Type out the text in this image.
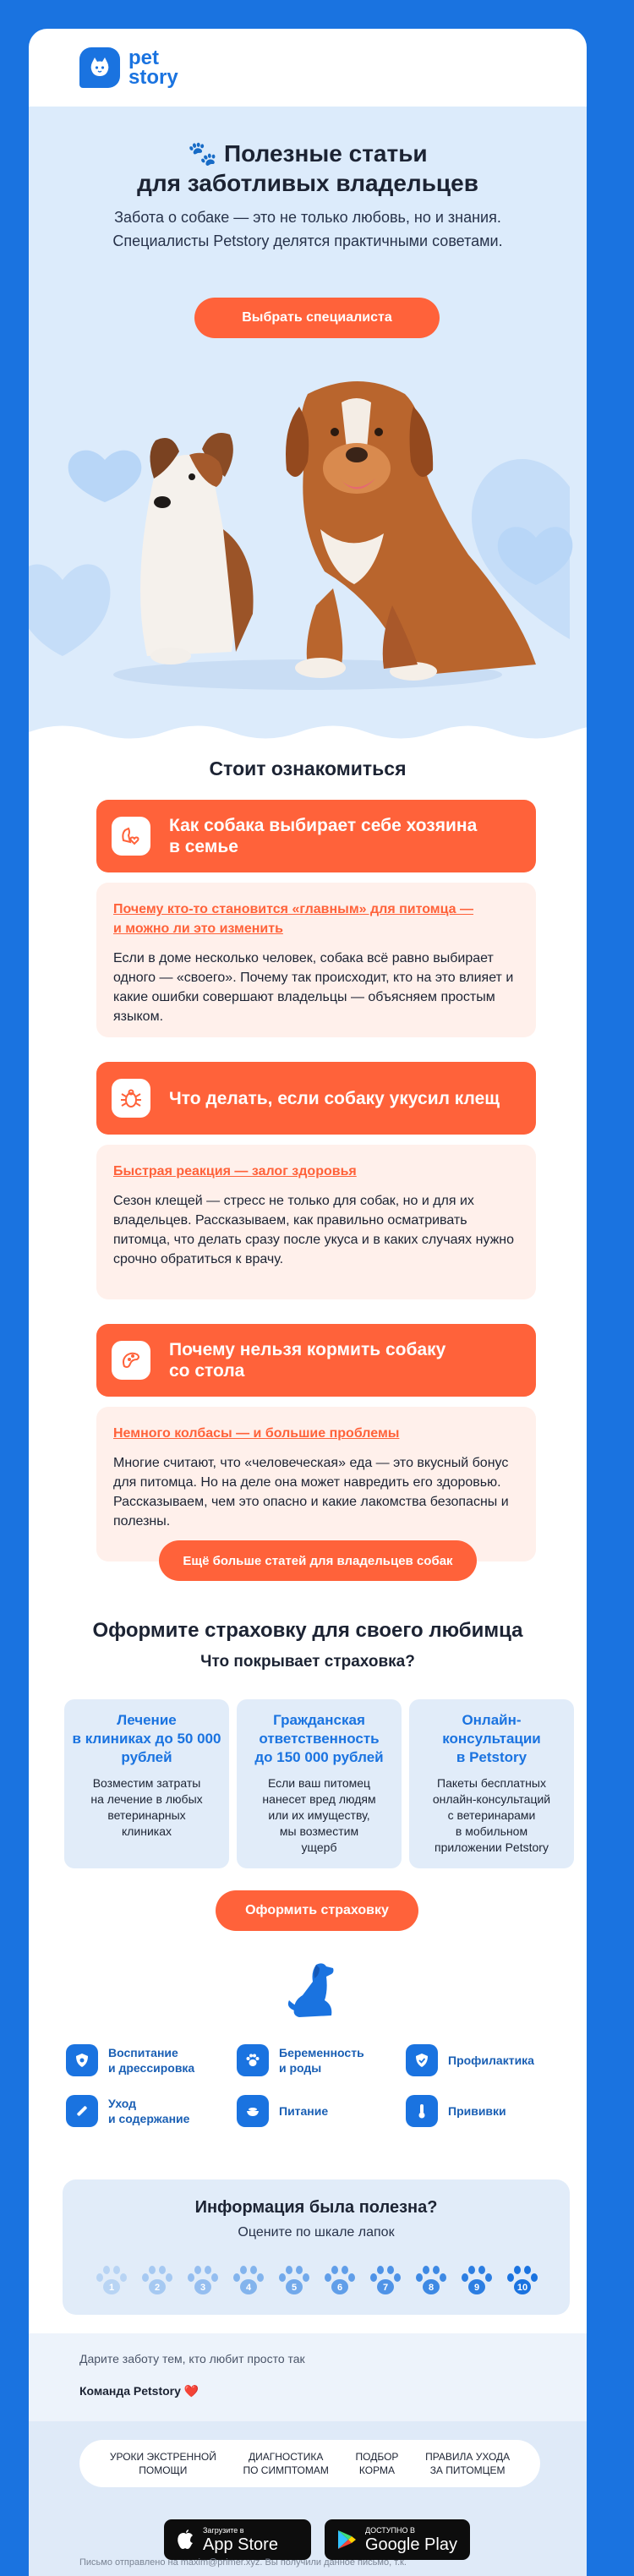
pet
story
🐾 Полезные статьи
для заботливых владельцев
Забота о собаке — это не только любовь, но и знания.
Специалисты Petstory делятся практичными советами.
Выбрать специалиста
Стоит ознакомиться
Как собака выбирает себе хозяина
в семье
Почему кто-то становится «главным» для питомца —
и можно ли это изменить
Если в доме несколько человек, собака всё равно выбирает одного — «своего». Почему так происходит, кто на это влияет и какие ошибки совершают владельцы — объясняем простым языком.
Что делать, если собаку укусил клещ
Быстрая реакция — залог здоровья
Сезон клещей — стресс не только для собак, но и для их владельцев. Рассказываем, как правильно осматривать питомца, что делать сразу после укуса и в каких случаях нужно срочно обратиться к врачу.
Почему нельзя кормить собаку
со стола
Немного колбасы — и большие проблемы
Многие считают, что «человеческая» еда — это вкусный бонус для питомца. Но на деле она может навредить его здоровью. Рассказываем, чем это опасно и какие лакомства безопасны и полезны.
Ещё больше статей для владельцев собак
Оформите страховку для своего любимца
Что покрывает страховка?
Лечение
в клиниках до 50 000
рублей
Возместим затраты
на лечение в любых
ветеринарных
клиниках
Гражданская
ответственность
до 150 000 рублей
Если ваш питомец
нанесет вред людям
или их имуществу,
мы возместим
ущерб
Онлайн-
консультации
в Petstory
Пакеты бесплатных
онлайн-консультаций
с ветеринарами
в мобильном
приложении Petstory
Оформить страховку
Воспитание
и дрессировка
Беременность
и роды
Профилактика
Уход
и содержание
Питание	Прививки
Информация была полезна?
Оцените по шкале лапок
1	2	3	4	5	6	7	8	9	10
Дарите заботу тем, кто любит просто так
Команда Petstory ❤️
УРОКИ ЭКСТРЕННОЙ
ПОМОЩИ
ДИАГНОСТИКА
ПО СИМПТОМАМ
ПОДБОР
КОРМА
ПРАВИЛА УХОДА
ЗА ПИТОМЦЕМ
Загрузите в
App Store
ДОСТУПНО В
Google Play
Письмо отправлено на maxim@primer.xyz. Вы получили данное письмо, т.к.
